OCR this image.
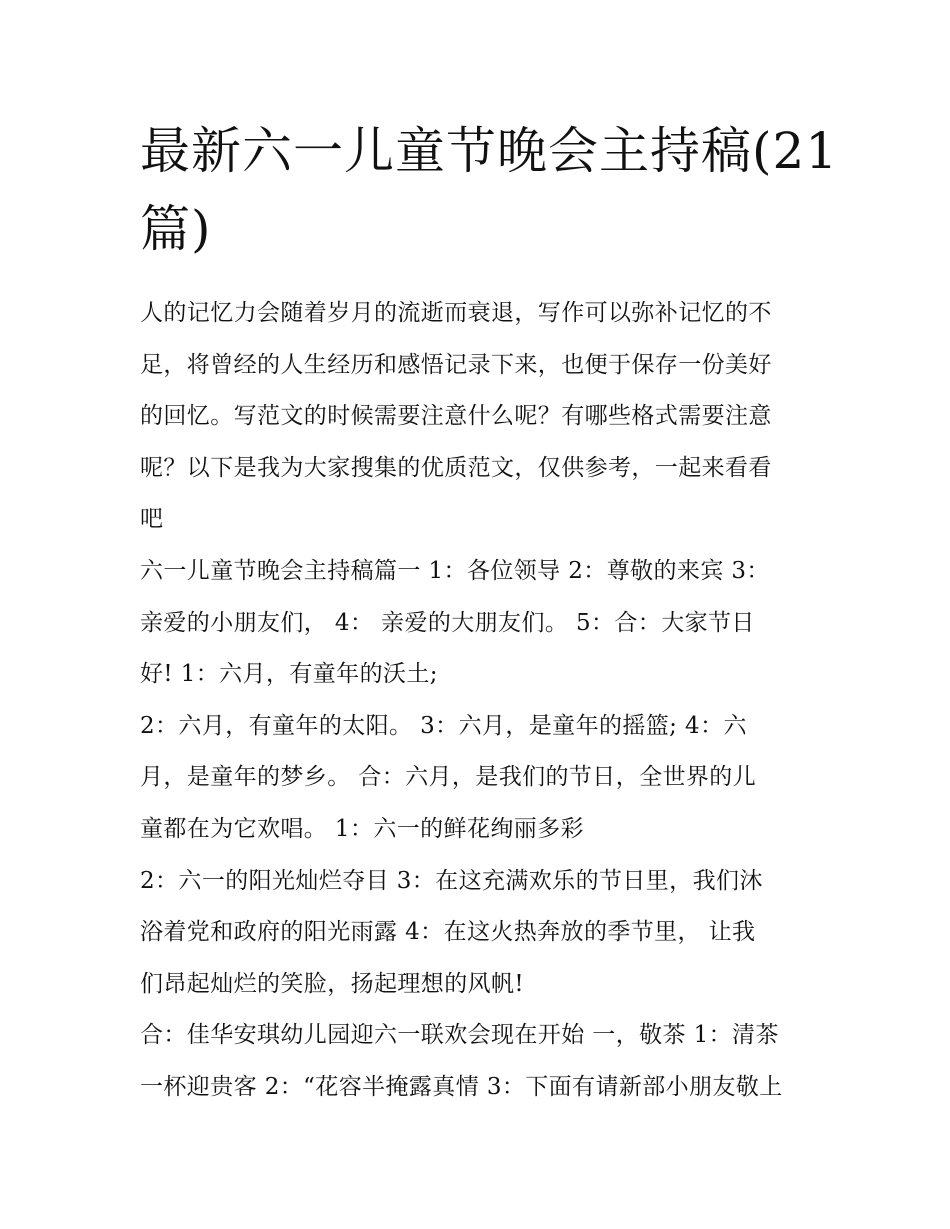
最新六一儿童节晚会主持稿(21
篇)
人的记忆力会随着岁月的流逝而衰退，写作可以弥补记忆的不
足，将曾经的人生经历和感悟记录下来，也便于保存一份美好
的回忆。写范文的时候需要注意什么呢？有哪些格式需要注意
呢？以下是我为大家搜集的优质范文，仅供参考，一起来看看
吧
六一儿童节晚会主持稿篇一 1：各位领导 2：尊敬的来宾 3：
亲爱的小朋友们， 4： 亲爱的大朋友们。 5：合：大家节日
好! 1：六月，有童年的沃土;
2：六月，有童年的太阳。 3：六月，是童年的摇篮; 4：六
月，是童年的梦乡。 合：六月，是我们的节日，全世界的儿
童都在为它欢唱。 1：六一的鲜花绚丽多彩
2：六一的阳光灿烂夺目 3：在这充满欢乐的节日里，我们沐
浴着党和政府的阳光雨露 4：在这火热奔放的季节里， 让我
们昂起灿烂的笑脸，扬起理想的风帆!
合：佳华安琪幼儿园迎六一联欢会现在开始 一，敬茶 1：清茶
一杯迎贵客 2：“花容半掩露真情 3：下面有请新部小朋友敬上
